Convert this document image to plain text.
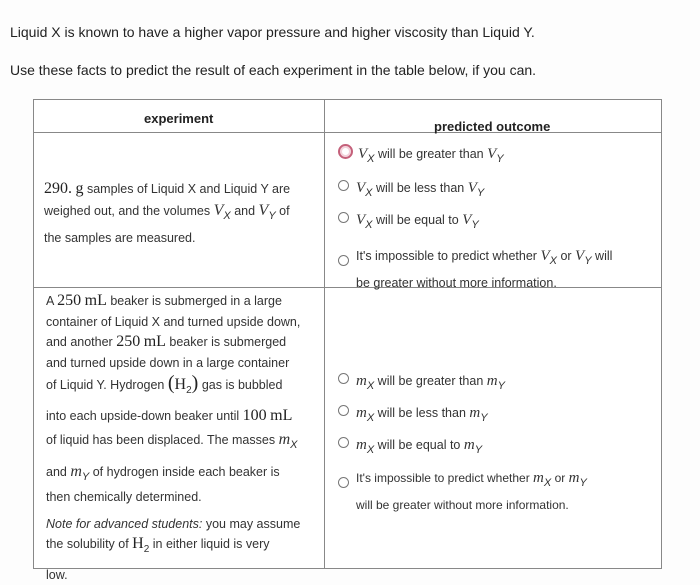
Liquid X is known to have a higher vapor pressure and higher viscosity than Liquid Y.
Use these facts to predict the result of each experiment in the table below, if you can.
experiment
predicted outcome
290. g samples of Liquid X and Liquid Y are
weighed out, and the volumes VX and VY of
the samples are measured.
VX will be greater than VY
VX will be less than VY
VX will be equal to VY
It's impossible to predict whether VX or VY will
be greater without more information.
A 250 mL beaker is submerged in a large
container of Liquid X and turned upside down,
and another 250 mL beaker is submerged
and turned upside down in a large container
of Liquid Y. Hydrogen $(H_2)$ gas is bubbled
into each upside-down beaker until 100 mL
of liquid has been displaced. The masses mX
and mY of hydrogen inside each beaker is
then chemically determined.
Note for advanced students: you may assume
the solubility of $H_2$ in either liquid is very
low.
mX will be greater than mY
mX will be less than mY
mX will be equal to mY
It's impossible to predict whether mX or mY
will be greater without more information.
